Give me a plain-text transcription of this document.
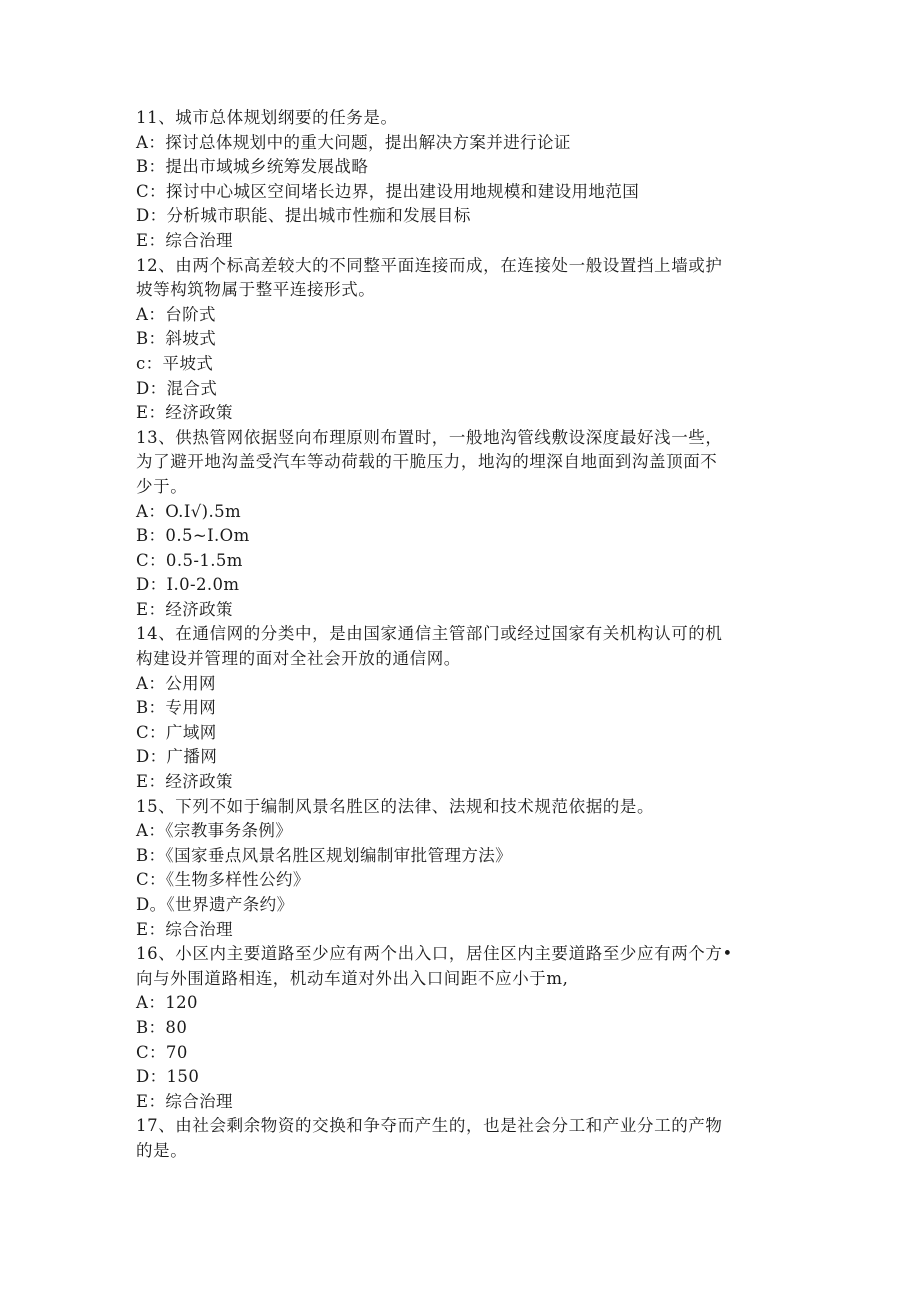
11、城市总体规划纲要的任务是。
A：探讨总体规划中的重大问题，提出解决方案并进行论证
B：提出市域城乡统筹发展战略
C：探讨中心城区空间堵长边界，提出建设用地规模和建设用地范国
D：分析城市职能、提出城市性痂和发展目标
E：综合治理
12、由两个标高差较大的不同整平面连接而成，在连接处一般设置挡上墙或护
坡等构筑物属于整平连接形式。
A：台阶式
B：斜坡式
c：平坡式
D：混合式
E：经济政策
13、供热管网依据竖向布理原则布置时，一般地沟管线敷设深度最好浅一些，
为了避开地沟盖受汽车等动荷载的干脆压力，地沟的埋深自地面到沟盖顶面不
少于。
A：O.I√).5m
B：0.5~I.Om
C：0.5-1.5m
D：I.0-2.0m
E：经济政策
14、在通信网的分类中，是由国家通信主管部门或经过国家有关机构认可的机
构建设并管理的面对全社会开放的通信网。
A：公用网
B：专用网
C：广域网
D：广播网
E：经济政策
15、下列不如于编制风景名胜区的法律、法规和技术规范依据的是。
A：《宗教事务条例》
B：《国家垂点风景名胜区规划编制审批管理方法》
C：《生物多样性公约》
D。《世界遗产条约》
E：综合治理
16、小区内主要道路至少应有两个出入口，居住区内主要道路至少应有两个方•
向与外围道路相连，机动车道对外出入口间距不应小于m,
A：120
B：80
C：70
D：150
E：综合治理
17、由社会剩余物资的交换和争夺而产生的，也是社会分工和产业分工的产物
的是。
